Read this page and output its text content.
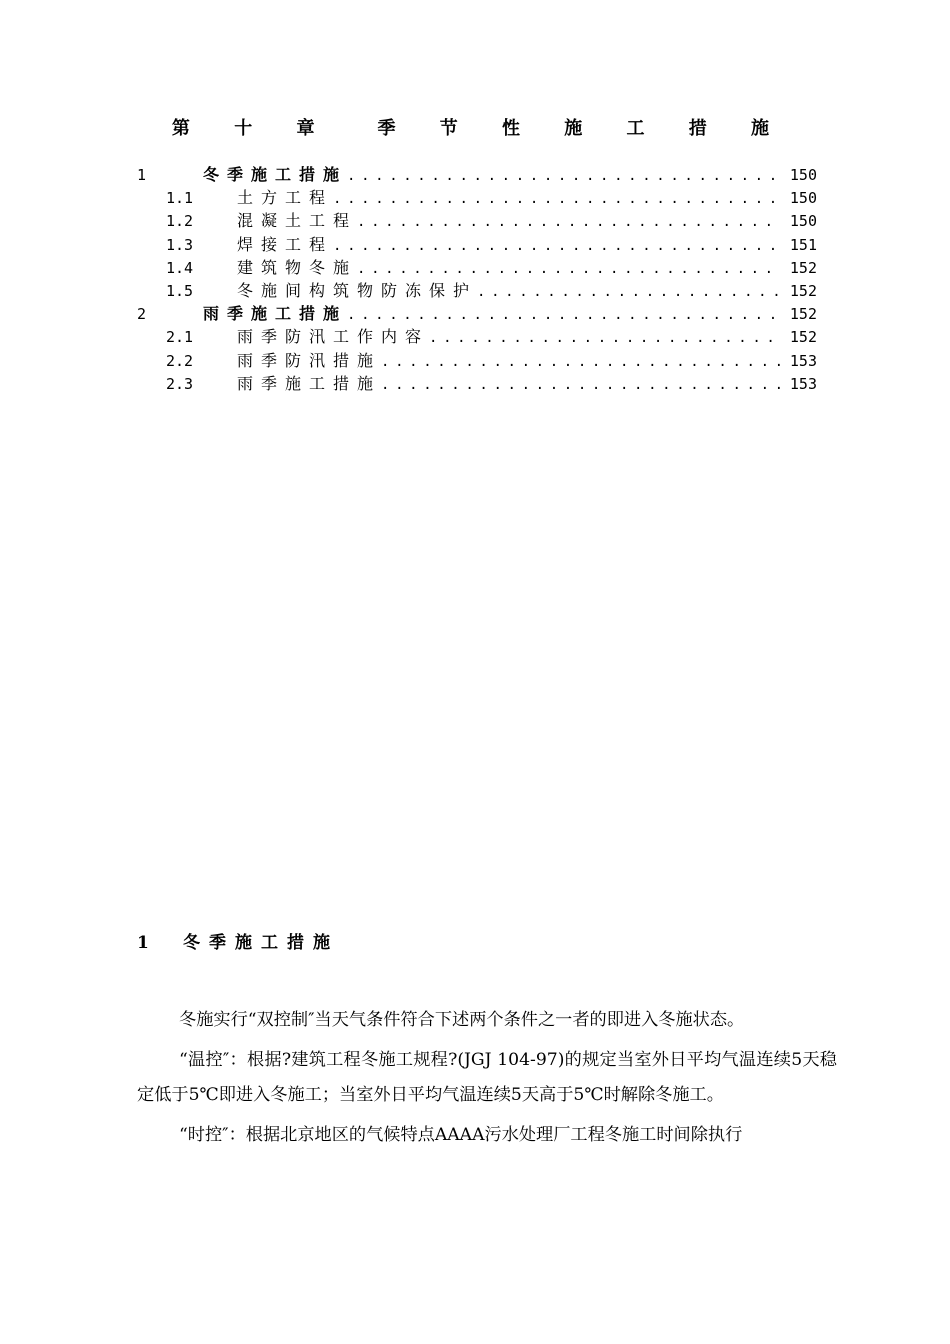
第 十 章　　季 节 性 施 工 措 施
1	冬季施工措施 . . .	150
1.1	土方工程 . . .	150
1.2	混凝土工程 . . .	150
1.3	焊接工程 . . .	151
1.4	建筑物冬施 . . .	152
1.5	冬施间构筑物防冻保护 . . .	152
2	雨季施工措施 . . .	152
2.1	雨季防汛工作内容 . . .	152
2.2	雨季防汛措施 . . .	153
2.3	雨季施工措施 . . .	153
1 冬季施工措施

冬施实行“双控制″当天气条件符合下述两个条件之一者的即进入冬施状态。

“温控″：根据?建筑工程冬施工规程?(JGJ 104-97)的规定当室外日平均气温连续5天稳定低于5℃即进入冬施工；当室外日平均气温连续5天高于5℃时解除冬施工。

“时控″：根据北京地区的气候特点AAAA污水处理厂工程冬施工时间除执行
